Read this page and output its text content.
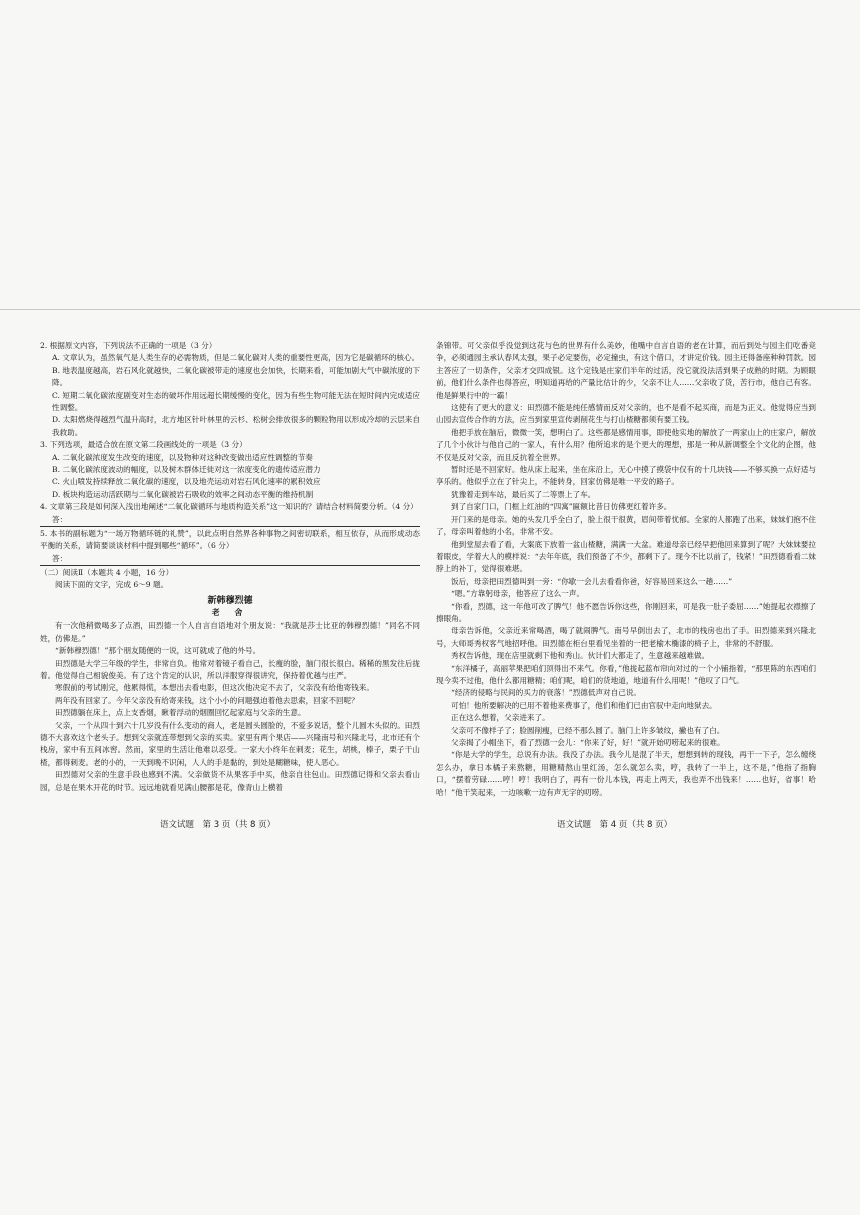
2. 根据原文内容，下列说法不正确的一项是（3 分）

A. 文章认为，虽然氧气是人类生存的必需物质，但是二氧化碳对人类的重要性更高，因为它是碳循环的核心。

B. 地表温度越高，岩石风化就越快，二氧化碳被带走的速度也会加快，长期来看，可能加剧大气中碳浓度的下降。

C. 短期二氧化碳浓度剧变对生态的破坏作用远超长期缓慢的变化，因为有些生物可能无法在短时间内完成适应性调整。

D. 太阳燃烧得越烈气温升高时，北方地区针叶林里的云杉、松树会排放很多的颗粒物用以形成冷却的云层来自我救助。

3. 下列选项，最适合放在原文第二段画线处的一项是（3 分）

A. 二氧化碳浓度发生改变的速度，以及物种对这种改变做出适应性调整的节奏

B. 二氧化碳浓度波动的幅度，以及树木群体迁徙对这一浓度变化的遗传适应潜力

C. 火山喷发持续释放二氧化碳的速度，以及地壳运动对岩石风化速率的累积效应

D. 板块构造运动活跃期与二氧化碳被岩石吸收的效率之间动态平衡的维持机制

4. 文章第三段是如何深入浅出地阐述“二氧化碳循环与地质构造关系”这一知识的？请结合材料简要分析。（4 分）

答：

5. 本书的副标题为“一场万物循环链的礼赞”，以此点明自然界各种事物之间密切联系，相互依存，从而形成动态平衡的关系，请简要谈谈材料中提到哪些“循环”。（6 分）

答：

（二）阅读Ⅱ（本题共 4 小题，16 分）

阅读下面的文字，完成 6～9 题。

新韩穆烈德
老 舍

有一次他稍微喝多了点酒，田烈德一个人自言自语地对个朋友说：“我就是莎士比亚的韩穆烈德！”同名不同姓，仿佛是。”

“新韩穆烈德！”那个朋友随便的一说，这可就成了他的外号。

田烈德是大学三年级的学生，非常自负。他常对着镜子看自己，长瘦的脸，脑门很长很白。稀稀的黑发往后拢着。他觉得自己相貌俊美。有了这个肯定的认识，所以洋服穿得很讲究，保持着优越与庄严。

寒假前的考试刚完，他累得慌，本想出去看电影，但这次他决定不去了，父亲没有给他寄钱来。

两年没有回家了。今年父亲没有给寄来钱，这个小小的问题强迫着他去思索，回家不回呢？

田烈德躺在床上，点上支香烟，瞅着浮动的烟圈回忆起家庭与父亲的生意。

父亲，一个从四十到六十几岁没有什么变动的商人，老是圆头圆脸的，不爱多说话，整个儿圆木头似的。田烈德不大喜欢这个老头子。想到父亲就连带想到父亲的买卖。家里有两个果店——兴隆南号和兴隆北号，北市还有个栈房，家中有五间冰窖。然而，家里的生活让他难以忍受。一家大小终年在刺麦；花生，胡桃，榛子，栗子干山楂，都得刺麦。老的小的，一天到晚不识闲，人人的手是黏的，到处是糊糖味，使人恶心。

田烈德对父亲的生意手段也感到不满。父亲做货不从果客手中买，他亲自往包山。田烈德记得和父亲去看山园，总是在果木开花的时节。远远地就看见满山腰都是花，像青山上横着

条锦带。可父亲似乎没觉到这花与色的世界有什么美妙，他嘴中自言自语的老在计算，而后到处与园主们吃番竞争，必须通园主承认春风太强，果子必定要伤，必定撞虫，有这个借口，才讲定价钱。园主还得备座种种罚款。园主答应了一切条件，父亲才交四成银。这个定钱是庄家们半年的过活，没它就没法活到果子成熟的时期。为顾眼前，他们什么条件也得答应，明知道再给的产量比估计的少，父亲不让人……父亲收了货，苦行市，他自己有客。他是鲜果行中的一霸！

这使有了更大的意义：田烈德不能是纯任感情而反对父亲的，也不是看不起买商，而是为正义。他觉得应当到山园去宣传合作的方法，应当到家里宣传剥削花生与打山楂糖都须有要工钱。

他把手放在脑后，微微一笑，想明白了。这些都是感情用事，即使他实地的解放了一两家山上的庄家户，解放了几个小伙计与他自己的一家人，有什么用？他所追求的是个更大的理想，那是一种从新调整全个文化的企图，他不仅是反对父亲，而且反抗着全世界。

暂时还是不回家好。他从床上起来，坐在床沿上，无心中摸了摸袋中仅有的十几块钱——不够买换一点好适与享乐的。他似乎立在了针尖上，不能转身，回家仿佛是唯一平安的路子。

犹豫着走到车站，最后买了二等票上了车。

到了自家门口，门框上红油的“四寓”匾额比昔日仿佛更红着许多。

开门来的是母亲。她的头发几乎全白了，脸上很干很黄，眉间带着忧郁。全家的人都跑了出来，妹妹们抱不住了，母亲叫着他的小名，非常不安。

他到堂屋去看了看，大案底下放着一盆山楂糖，满满一大盆。难道母亲已经早把他回来算到了呢？大妹妹要拉着眼皮，学着大人的模样说：“去年年底，我们预备了不少，都剩下了。现今不比以前了，钱紧！”田烈德看看二妹脖上的补丁，觉得很难堪。

饭后，母亲把田烈德叫到一旁：“你歇一会儿去看看你爸，好容易回来这么一趟……”

“嗯。”方靠躬母亲，他答应了这么一声。

“你看，烈德，这一年他可改了脾气！他不愿告诉你这些，你刚回来，可是我一肚子委屈……”她提起衣襟擦了擦眼角。

母亲告诉他，父亲近来常喝酒，喝了就闹脾气。南号早倒出去了，北市的栈房也出了手。田烈德来到兴隆北号，大师哥秀权客气地招呼他。田烈德在柜台里看见坐着的一把老榆木椭漆的椅子上，非常的不舒服。

秀权告诉他，现在店里就剩下他和秀山。伙计们大都走了，生意越来越难做。

“东洋橘子，高丽苹果把咱们顶得出不来气。你看，”他拢起蓝布帘向对过的一个小铺指着，“那里陈的东西咱们现今卖不过他，他什么都用糖精；咱们呢，咱们的货地道，地道有什么用呢！”他叹了口气。

“经济的侵略与民间的买力的衰落！”烈德低声对自己说。

可怕！他所要解决的已用不着他来费事了，他们和他们已由官驭中走向地狱去。

正在这么想着，父亲进来了。

父亲可不像样子了；脸圆削瘦，已经不那么圆了。脑门上许多皱纹，撇也有了白。

父亲揭了小帽坐下，看了烈德一会儿：“你来了好，好！”就开始叨唠起来的很难。

“你是大学的学生，总说有办法。我没了办法。我今儿是混了半天，想想到转的现钱，再干一下子，怎么缠绕怎么办，拿日本橘子来熬糖，用糖精熬山里红汤，怎么就怎么卖，哼，我转了一半上，这不是，”他指了指胸口，“摆着劳碌……哼！哼！我明白了，再有一份儿本钱，再走上两天，我也弄不出钱来！……也好，省事！哈哈！”他干笑起来，一边咳嗽一边有声无字的叨唠。

语文试题　第 3 页（共 8 页）	语文试题　第 4 页（共 8 页）
